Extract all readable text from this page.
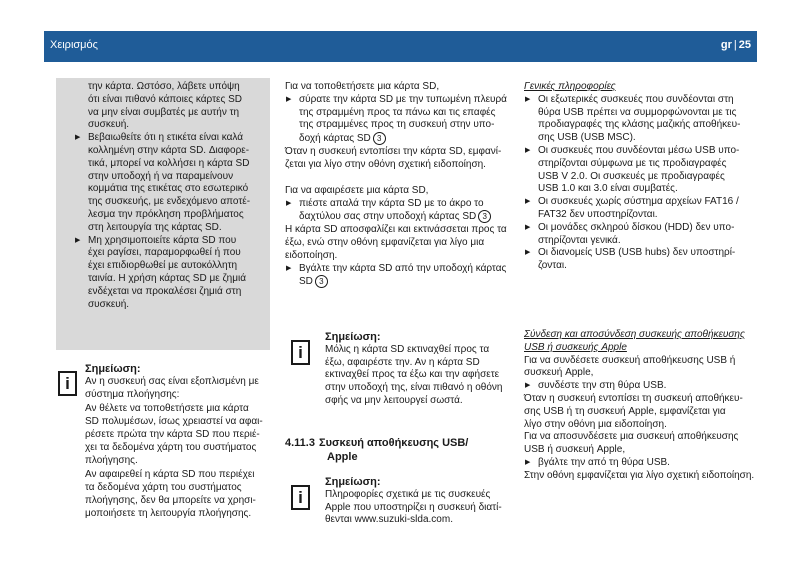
Χειρισμός	gr | 25
την κάρτα. Ωστόσο, λάβετε υπόψη
ότι είναι πιθανό κάποιες κάρτες SD
να μην είναι συμβατές με αυτήν τη
συσκευή.
▶ Βεβαιωθείτε ότι η ετικέτα είναι καλά
κολλημένη στην κάρτα SD. Διαφορε-
τικά, μπορεί να κολλήσει η κάρτα SD
στην υποδοχή ή να παραμείνουν
κομμάτια της ετικέτας στο εσωτερικό
της συσκευής, με ενδεχόμενο αποτέ-
λεσμα την πρόκληση προβλήματος
στη λειτουργία της κάρτας SD.
▶ Μη χρησιμοποιείτε κάρτα SD που
έχει ραγίσει, παραμορφωθεί ή που
έχει επιδιορθωθεί με αυτοκόλλητη
ταινία. Η χρήση κάρτας SD με ζημιά
ενδέχεται να προκαλέσει ζημιά στη
συσκευή.
i
Σημείωση:
Αν η συσκευή σας είναι εξοπλισμένη με
σύστημα πλοήγησης:
Αν θέλετε να τοποθετήσετε μια κάρτα
SD πολυμέσων, ίσως χρειαστεί να αφαι-
ρέσετε πρώτα την κάρτα SD που περιέ-
χει τα δεδομένα χάρτη του συστήματος
πλοήγησης.
Αν αφαιρεθεί η κάρτα SD που περιέχει
τα δεδομένα χάρτη του συστήματος
πλοήγησης, δεν θα μπορείτε να χρησι-
μοποιήσετε τη λειτουργία πλοήγησης.

Για να τοποθετήσετε μια κάρτα SD,

▶ σύρατε την κάρτα SD με την τυπωμένη πλευρά
της στραμμένη προς τα πάνω και τις επαφές
της στραμμένες προς τη συσκευή στην υπο-
δοχή κάρτας SD 3
Όταν η συσκευή εντοπίσει την κάρτα SD, εμφανί-
ζεται για λίγο στην οθόνη σχετική ειδοποίηση.

Για να αφαιρέσετε μια κάρτα SD,

▶ πιέστε απαλά την κάρτα SD με το άκρο το
δαχτύλου σας στην υποδοχή κάρτας SD 3
Η κάρτα SD αποσφαλίζει και εκτινάσσεται προς τα
έξω, ενώ στην οθόνη εμφανίζεται για λίγο μια
ειδοποίηση.
▶ Βγάλτε την κάρτα SD από την υποδοχή κάρτας
SD 3
i
Σημείωση:
Μόλις η κάρτα SD εκτιναχθεί προς τα
έξω, αφαιρέστε την. Αν η κάρτα SD
εκτιναχθεί προς τα έξω και την αφήσετε
στην υποδοχή της, είναι πιθανό η οθόνη
σφής να μην λειτουργεί σωστά.
4.11.3 Συσκευή αποθήκευσης USB/
Apple
i
Σημείωση:
Πληροφορίες σχετικά με τις συσκευές
Apple που υποστηρίζει η συσκευή διατί-
θενται www.suzuki-slda.com.

Γενικές πληροφορίες

▶ Οι εξωτερικές συσκευές που συνδέονται στη
θύρα USB πρέπει να συμμορφώνονται με τις
προδιαγραφές της κλάσης μαζικής αποθήκευ-
σης USB (USB MSC).
▶ Οι συσκευές που συνδέονται μέσω USB υπο-
στηρίζονται σύμφωνα με τις προδιαγραφές
USB V 2.0. Οι συσκευές με προδιαγραφές
USB 1.0 και 3.0 είναι συμβατές.
▶ Οι συσκευές χωρίς σύστημα αρχείων FAT16 /
FAT32 δεν υποστηρίζονται.
▶ Οι μονάδες σκληρού δίσκου (HDD) δεν υπο-
στηρίζονται γενικά.
▶ Οι διανομείς USB (USB hubs) δεν υποστηρί-
ζονται.

Σύνδεση και αποσύνδεση συσκευής αποθήκευσης

USB ή συσκευής Apple

Για να συνδέσετε συσκευή αποθήκευσης USB ή
συσκευή Apple,
▶ συνδέστε την στη θύρα USB.
Όταν η συσκευή εντοπίσει τη συσκευή αποθήκευ-
σης USB ή τη συσκευή Apple, εμφανίζεται για
λίγο στην οθόνη μια ειδοποίηση.
Για να αποσυνδέσετε μια συσκευή αποθήκευσης
USB ή συσκευή Apple,
▶ βγάλτε την από τη θύρα USB.

Στην οθόνη εμφανίζεται για λίγο σχετική ειδοποίηση.
